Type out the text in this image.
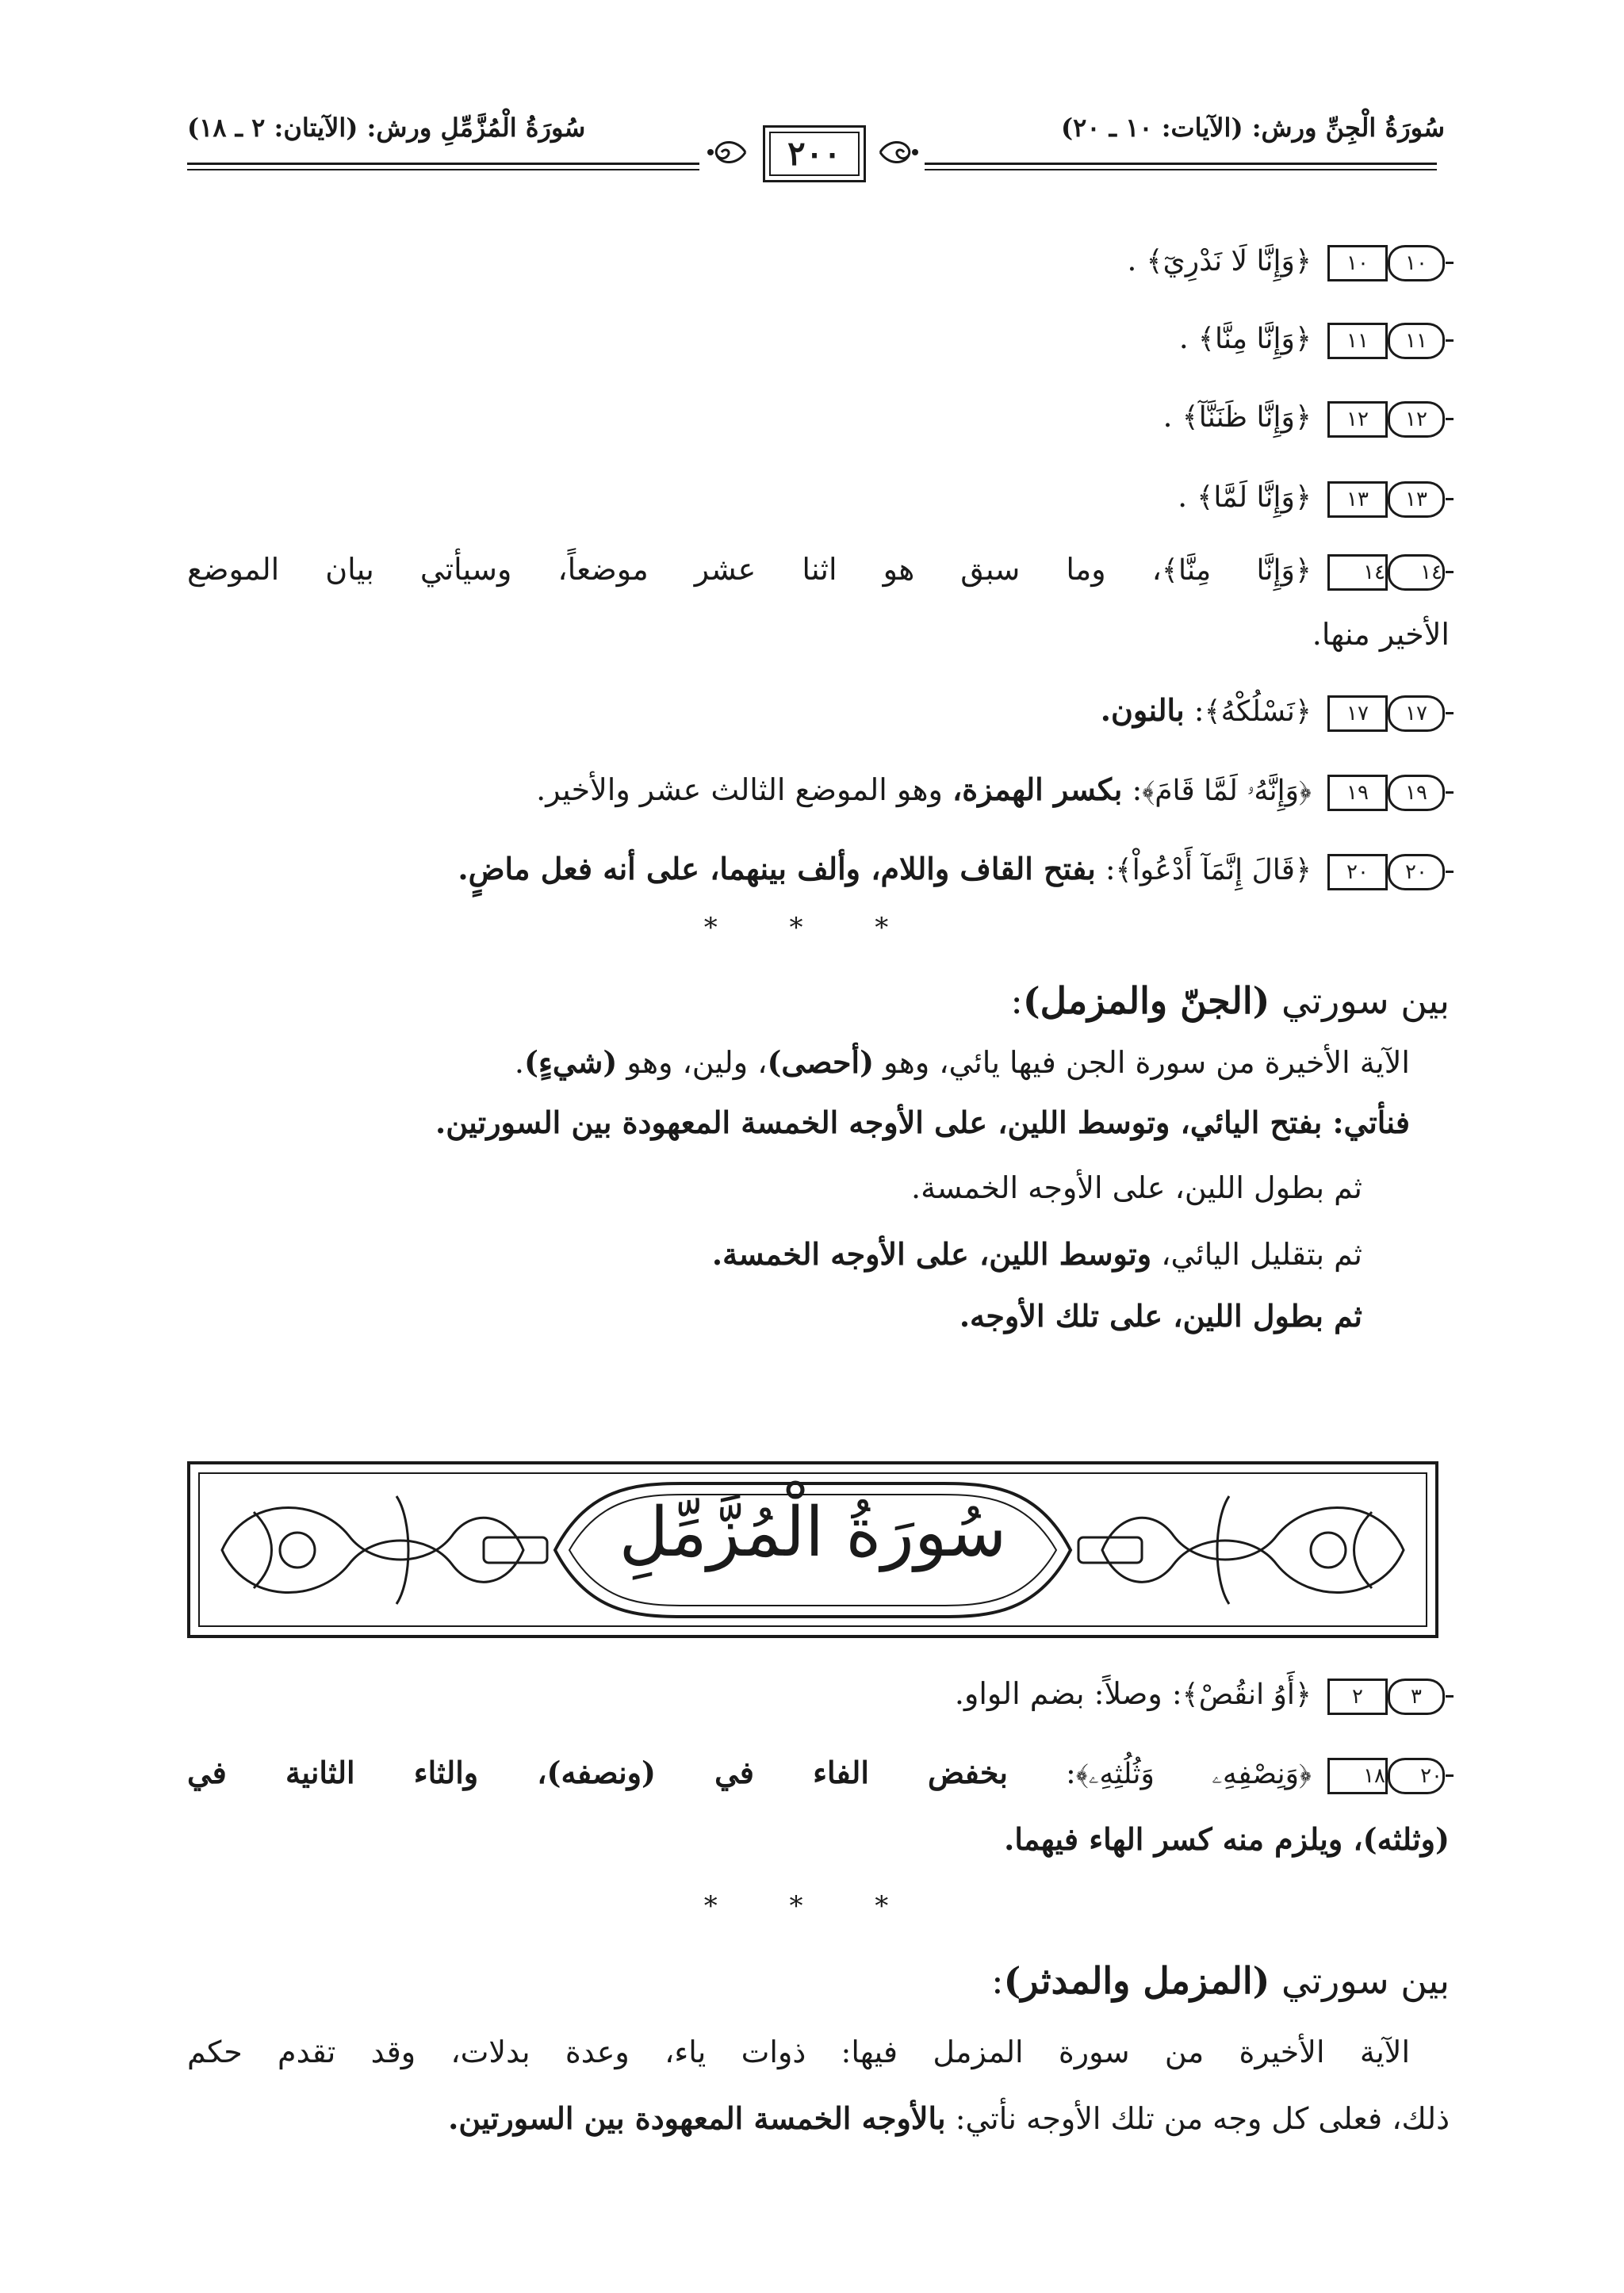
سُورَةُ الْجِنِّ ورش: (الآيات: ١٠ ـ ٢٠)
سُورَةُ الْمُزَّمِّلِ ورش: (الآيتان: ٢ ـ ١٨)
٢٠٠
١٠
١٠
﴿وَإِنَّا لَا نَدْرِيٓ﴾ .
١١
١١
﴿وَإِنَّا مِنَّا﴾ .
١٢
١٢
﴿وَإِنَّا ظَنَنَّآ﴾ .
١٣
١٣
﴿وَإِنَّا لَمَّا﴾ .
١٤
١٤
﴿وَإِنَّا مِنَّا﴾، وما سبق هو اثنا عشر موضعاً، وسيأتي بيان الموضع
الأخير منها.
١٧
١٧
﴿نَسْلُكْهُ﴾: بالنون.
١٩
١٩
﴿وَإِنَّهُۥ لَمَّا قَامَ﴾: بكسر الهمزة، وهو الموضع الثالث عشر والأخير.
٢٠
٢٠
﴿قَالَ إِنَّمَآ أَدْعُواْ﴾: بفتح القاف واللام، وألف بينهما، على أنه فعل ماضٍ.
* * *
بين سورتي (الجنّ والمزمل):
الآية الأخيرة من سورة الجن فيها يائي، وهو (أحصى)، ولين، وهو (شيءٍ).
فنأتي: بفتح اليائي، وتوسط اللين، على الأوجه الخمسة المعهودة بين السورتين.
ثم بطول اللين، على الأوجه الخمسة.
ثم بتقليل اليائي، وتوسط اللين، على الأوجه الخمسة.
ثم بطول اللين، على تلك الأوجه.
سُورَةُ الْمُزَّمِّلِ
٣
٢
﴿أَوُ انقُصْ﴾: وصلاً: بضم الواو.
٢٠
١٨
﴿وَنِصْفِهِۦ وَثُلُثِهِۦ﴾: بخفض الفاء في (ونصفه)، والثاء الثانية في
(وثلثه)، ويلزم منه كسر الهاء فيهما.
* * *
بين سورتي (المزمل والمدثر):
الآية الأخيرة من سورة المزمل فيها: ذوات ياء، وعدة بدلات، وقد تقدم حكم
ذلك، فعلى كل وجه من تلك الأوجه نأتي: بالأوجه الخمسة المعهودة بين السورتين.
